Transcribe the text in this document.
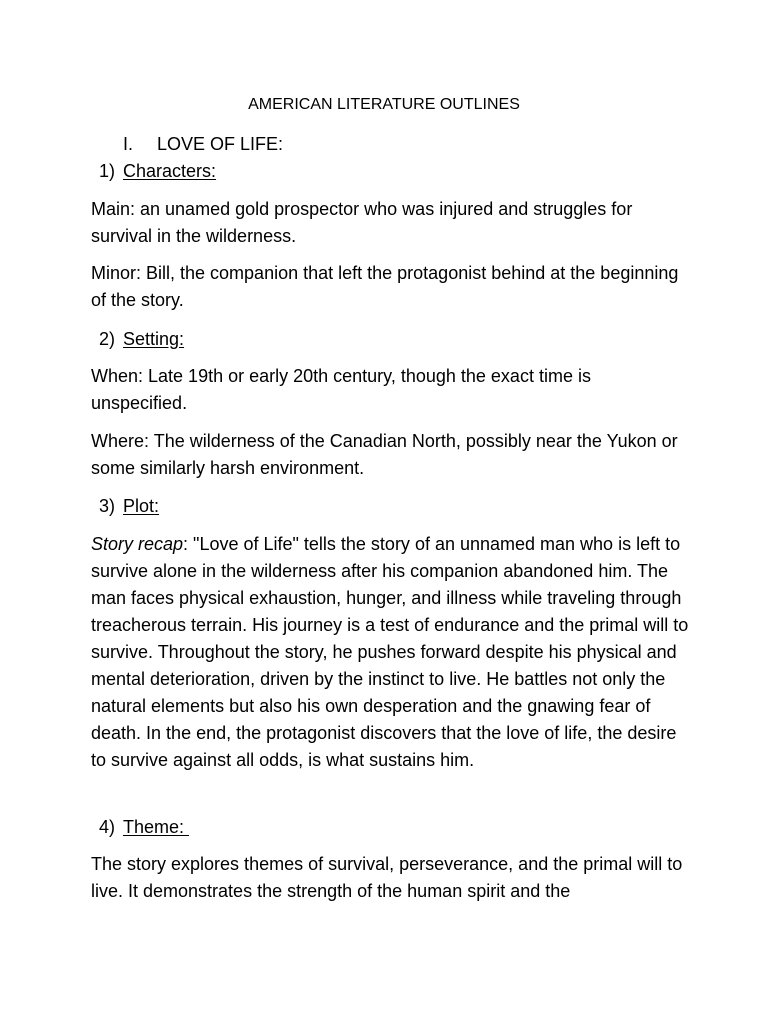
AMERICAN LITERATURE OUTLINES
I. LOVE OF LIFE:
1) Characters:

Main: an unamed gold prospector who was injured and struggles for survival in the wilderness.

Minor: Bill, the companion that left the protagonist behind at the beginning of the story.

2) Setting:

When: Late 19th or early 20th century, though the exact time is unspecified.

Where: The wilderness of the Canadian North, possibly near the Yukon or some similarly harsh environment.

3) Plot:

Story recap: "Love of Life" tells the story of an unnamed man who is left to survive alone in the wilderness after his companion abandoned him. The man faces physical exhaustion, hunger, and illness while traveling through treacherous terrain. His journey is a test of endurance and the primal will to survive. Throughout the story, he pushes forward despite his physical and mental deterioration, driven by the instinct to live. He battles not only the natural elements but also his own desperation and the gnawing fear of death. In the end, the protagonist discovers that the love of life, the desire to survive against all odds, is what sustains him.

4) Theme:

The story explores themes of survival, perseverance, and the primal will to live. It demonstrates the strength of the human spirit and the
